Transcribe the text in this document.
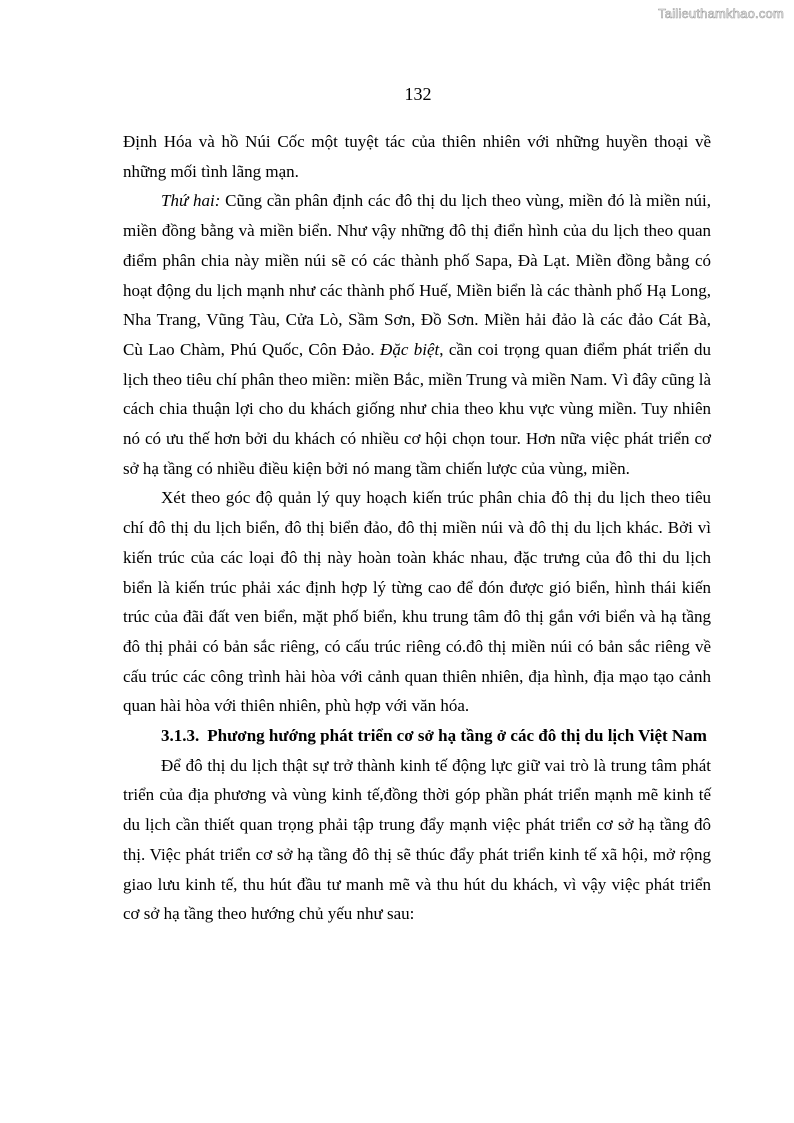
Tailieuthamkhao.com
132

Định Hóa và hồ Núi Cốc một tuyệt tác của thiên nhiên với những huyền thoại về những mối tình lãng mạn.

Thứ hai: Cũng cần phân định các đô thị du lịch theo vùng, miền đó là miền núi, miền đồng bằng và miền biển. Như vậy những đô thị điển hình của du lịch theo quan điểm phân chia này miền núi sẽ có các thành phố Sapa, Đà Lạt. Miền đồng bằng có hoạt động du lịch mạnh như các thành phố Huế, Miền biển là các thành phố Hạ Long, Nha Trang, Vũng Tàu, Cửa Lò, Sầm Sơn, Đồ Sơn. Miền hải đảo là các đảo Cát Bà, Cù Lao Chàm, Phú Quốc, Côn Đảo. Đặc biệt, cần coi trọng quan điểm phát triển du lịch theo tiêu chí phân theo miền: miền Bắc, miền Trung và miền Nam. Vì đây cũng là cách chia thuận lợi cho du khách giống như chia theo khu vực vùng miền. Tuy nhiên nó có ưu thế hơn bởi du khách có nhiều cơ hội chọn tour. Hơn nữa việc phát triển cơ sở hạ tầng có nhiều điều kiện bởi nó mang tầm chiến lược của vùng, miền.

Xét theo góc độ quản lý quy hoạch kiến trúc phân chia đô thị du lịch theo tiêu chí đô thị du lịch biển, đô thị biển đảo, đô thị miền núi và đô thị du lịch khác. Bởi vì kiến trúc của các loại đô thị này hoàn toàn khác nhau, đặc trưng của đô thi du lịch biển là kiến trúc phải xác định hợp lý từng cao để đón được gió biển, hình thái kiến trúc của đãi đất ven biển, mặt phố biển, khu trung tâm đô thị gắn với biển và hạ tầng đô thị phải có bản sắc riêng, có cấu trúc riêng có.đô thị miền núi có bản sắc riêng về cấu trúc các công trình hài hòa với cảnh quan thiên nhiên, địa hình, địa mạo tạo cảnh quan hài hòa với thiên nhiên, phù hợp với văn hóa.

3.1.3. Phương hướng phát triển cơ sở hạ tầng ở các đô thị du lịch Việt Nam

Để đô thị du lịch thật sự trở thành kinh tế động lực giữ vai trò là trung tâm phát triển của địa phương và vùng kinh tế,đồng thời góp phần phát triển mạnh mẽ kinh tế du lịch cần thiết quan trọng phải tập trung đẩy mạnh việc phát triển cơ sở hạ tầng đô thị. Việc phát triển cơ sở hạ tầng đô thị sẽ thúc đẩy phát triển kinh tế xã hội, mở rộng giao lưu kinh tế, thu hút đầu tư manh mẽ và thu hút du khách, vì vậy việc phát triển cơ sở hạ tầng theo hướng chủ yếu như sau:
